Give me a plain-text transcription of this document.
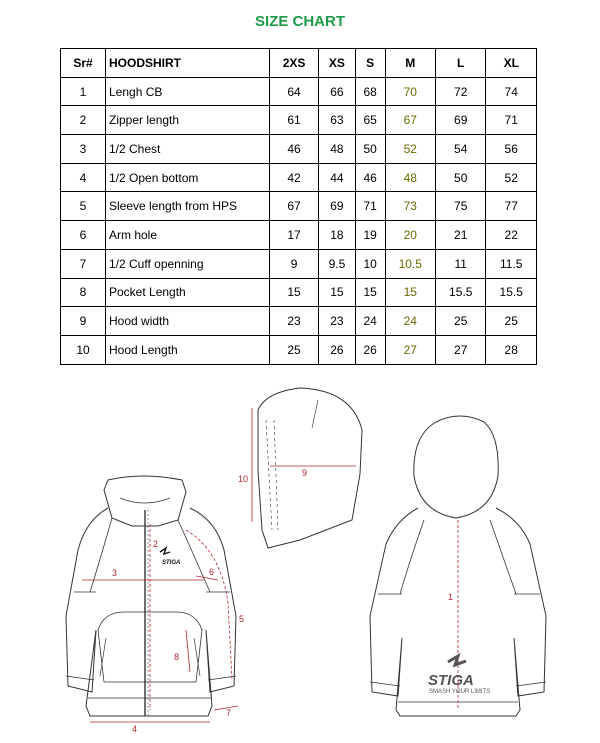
SIZE CHART
Sr#	HOODSHIRT	2XS	XS	S	M	L	XL
1	Lengh CB	64	66	68	70	72	74
2	Zipper length	61	63	65	67	69	71
3	1/2 Chest	46	48	50	52	54	56
4	1/2 Open bottom	42	44	46	48	50	52
5	Sleeve length from HPS	67	69	71	73	75	77
6	Arm hole	17	18	19	20	21	22
7	1/2 Cuff openning	9	9.5	10	10.5	11	11.5
8	Pocket Length	15	15	15	15	15.5	15.5
9	Hood width	23	23	24	24	25	25
10	Hood Length	25	26	26	27	27	28
STIGA
3
2
6
5
8
7
4
10
9
1
STIGA
SMASH YOUR LIMITS
